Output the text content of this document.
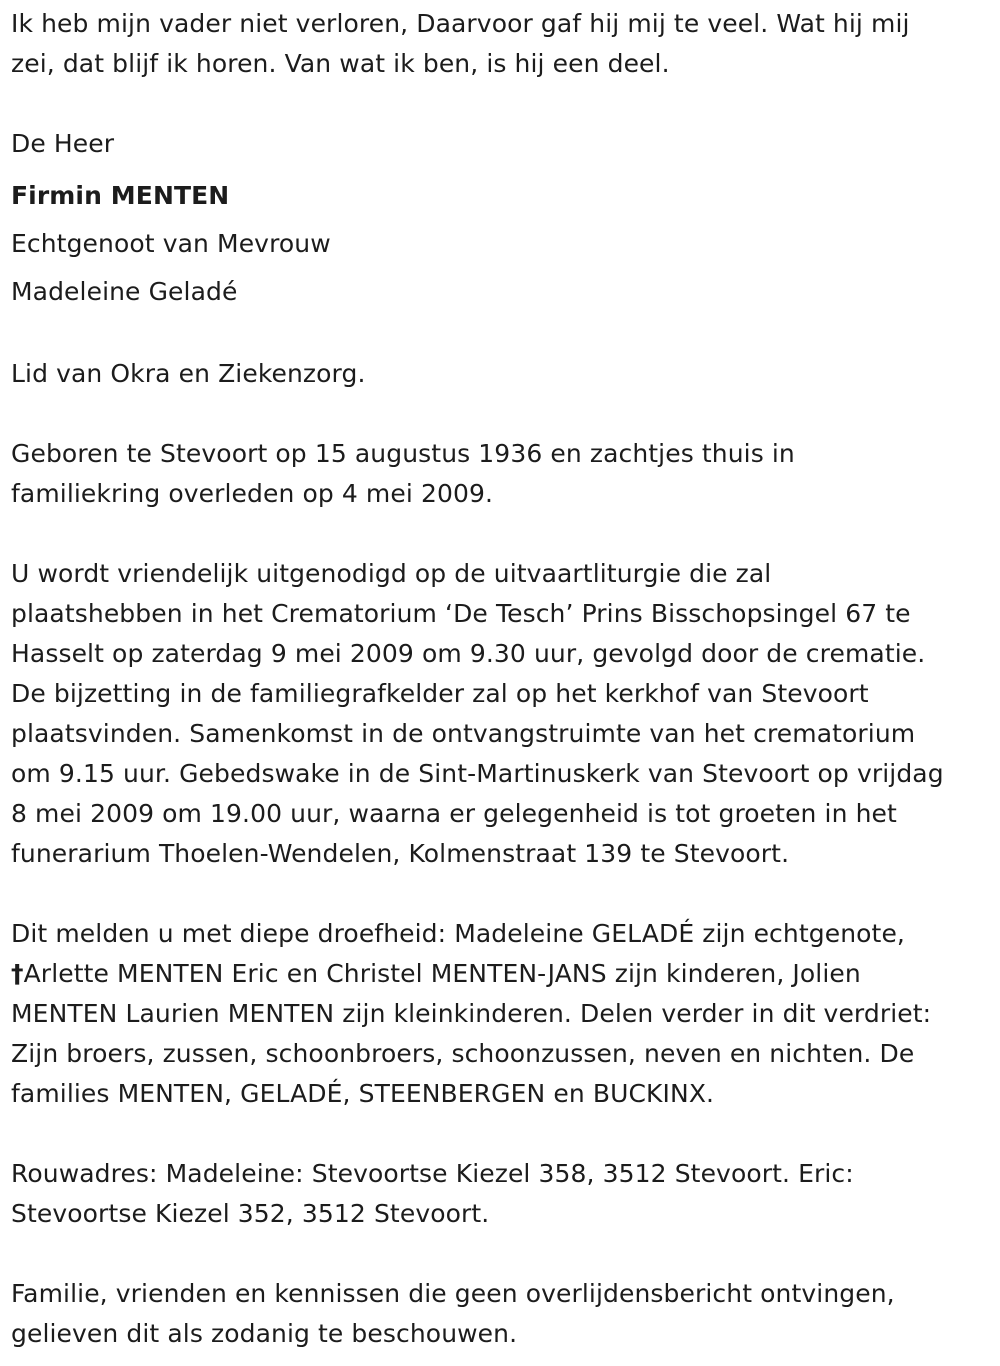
Ik heb mijn vader niet verloren, Daarvoor gaf hij mij te veel. Wat hij mij
zei, dat blijf ik horen. Van wat ik ben, is hij een deel.
De Heer
Firmin MENTEN
Echtgenoot van Mevrouw
Madeleine Geladé
Lid van Okra en Ziekenzorg.
Geboren te Stevoort op 15 augustus 1936 en zachtjes thuis in
familiekring overleden op 4 mei 2009.
U wordt vriendelijk uitgenodigd op de uitvaartliturgie die zal
plaatshebben in het Crematorium ‘De Tesch’ Prins Bisschopsingel 67 te
Hasselt op zaterdag 9 mei 2009 om 9.30 uur, gevolgd door de crematie.
De bijzetting in de familiegrafkelder zal op het kerkhof van Stevoort
plaatsvinden. Samenkomst in de ontvangstruimte van het crematorium
om 9.15 uur. Gebedswake in de Sint-Martinuskerk van Stevoort op vrijdag
8 mei 2009 om 19.00 uur, waarna er gelegenheid is tot groeten in het
funerarium Thoelen-Wendelen, Kolmenstraat 139 te Stevoort.
Dit melden u met diepe droefheid: Madeleine GELADÉ zijn echtgenote,
†Arlette MENTEN Eric en Christel MENTEN-JANS zijn kinderen, Jolien
MENTEN Laurien MENTEN zijn kleinkinderen. Delen verder in dit verdriet:
Zijn broers, zussen, schoonbroers, schoonzussen, neven en nichten. De
families MENTEN, GELADÉ, STEENBERGEN en BUCKINX.
Rouwadres: Madeleine: Stevoortse Kiezel 358, 3512 Stevoort. Eric:
Stevoortse Kiezel 352, 3512 Stevoort.
Familie, vrienden en kennissen die geen overlijdensbericht ontvingen,
gelieven dit als zodanig te beschouwen.
